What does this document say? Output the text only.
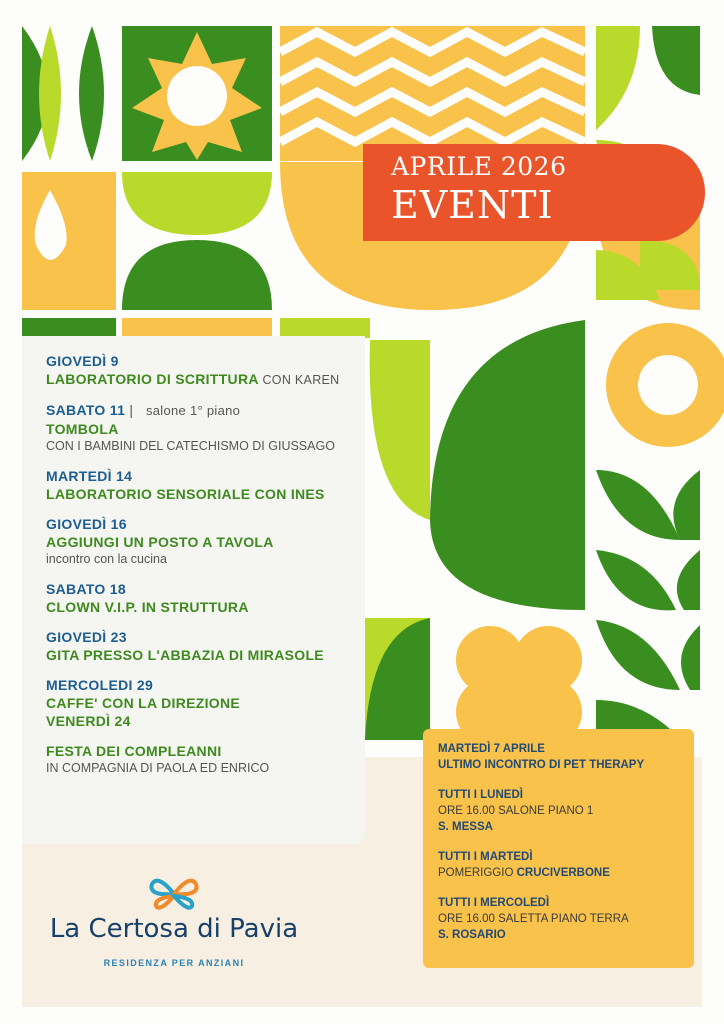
APRILE 2026
EVENTI
GIOVEDÌ 9
LABORATORIO DI SCRITTURA CON KAREN
SABATO 11 | salone 1° piano
TOMBOLA
CON I BAMBINI DEL CATECHISMO DI GIUSSAGO
MARTEDÌ 14
LABORATORIO SENSORIALE CON INES
GIOVEDÌ 16
AGGIUNGI UN POSTO A TAVOLA
incontro con la cucina
SABATO 18
CLOWN V.I.P. IN STRUTTURA
GIOVEDÌ 23
GITA PRESSO L'ABBAZIA DI MIRASOLE
MERCOLEDI 29
CAFFE' CON LA DIREZIONE
VENERDÌ 24
FESTA DEI COMPLEANNI
IN COMPAGNIA DI PAOLA ED ENRICO
MARTEDÌ 7 APRILE
ULTIMO INCONTRO DI PET THERAPY
TUTTI I LUNEDÌ
ORE 16.00 SALONE PIANO 1
S. MESSA
TUTTI I MARTEDÌ
POMERIGGIO CRUCIVERBONE
TUTTI I MERCOLEDÌ
ORE 16.00 SALETTA PIANO TERRA
S. ROSARIO
La Certosa di Pavia
RESIDENZA PER ANZIANI
